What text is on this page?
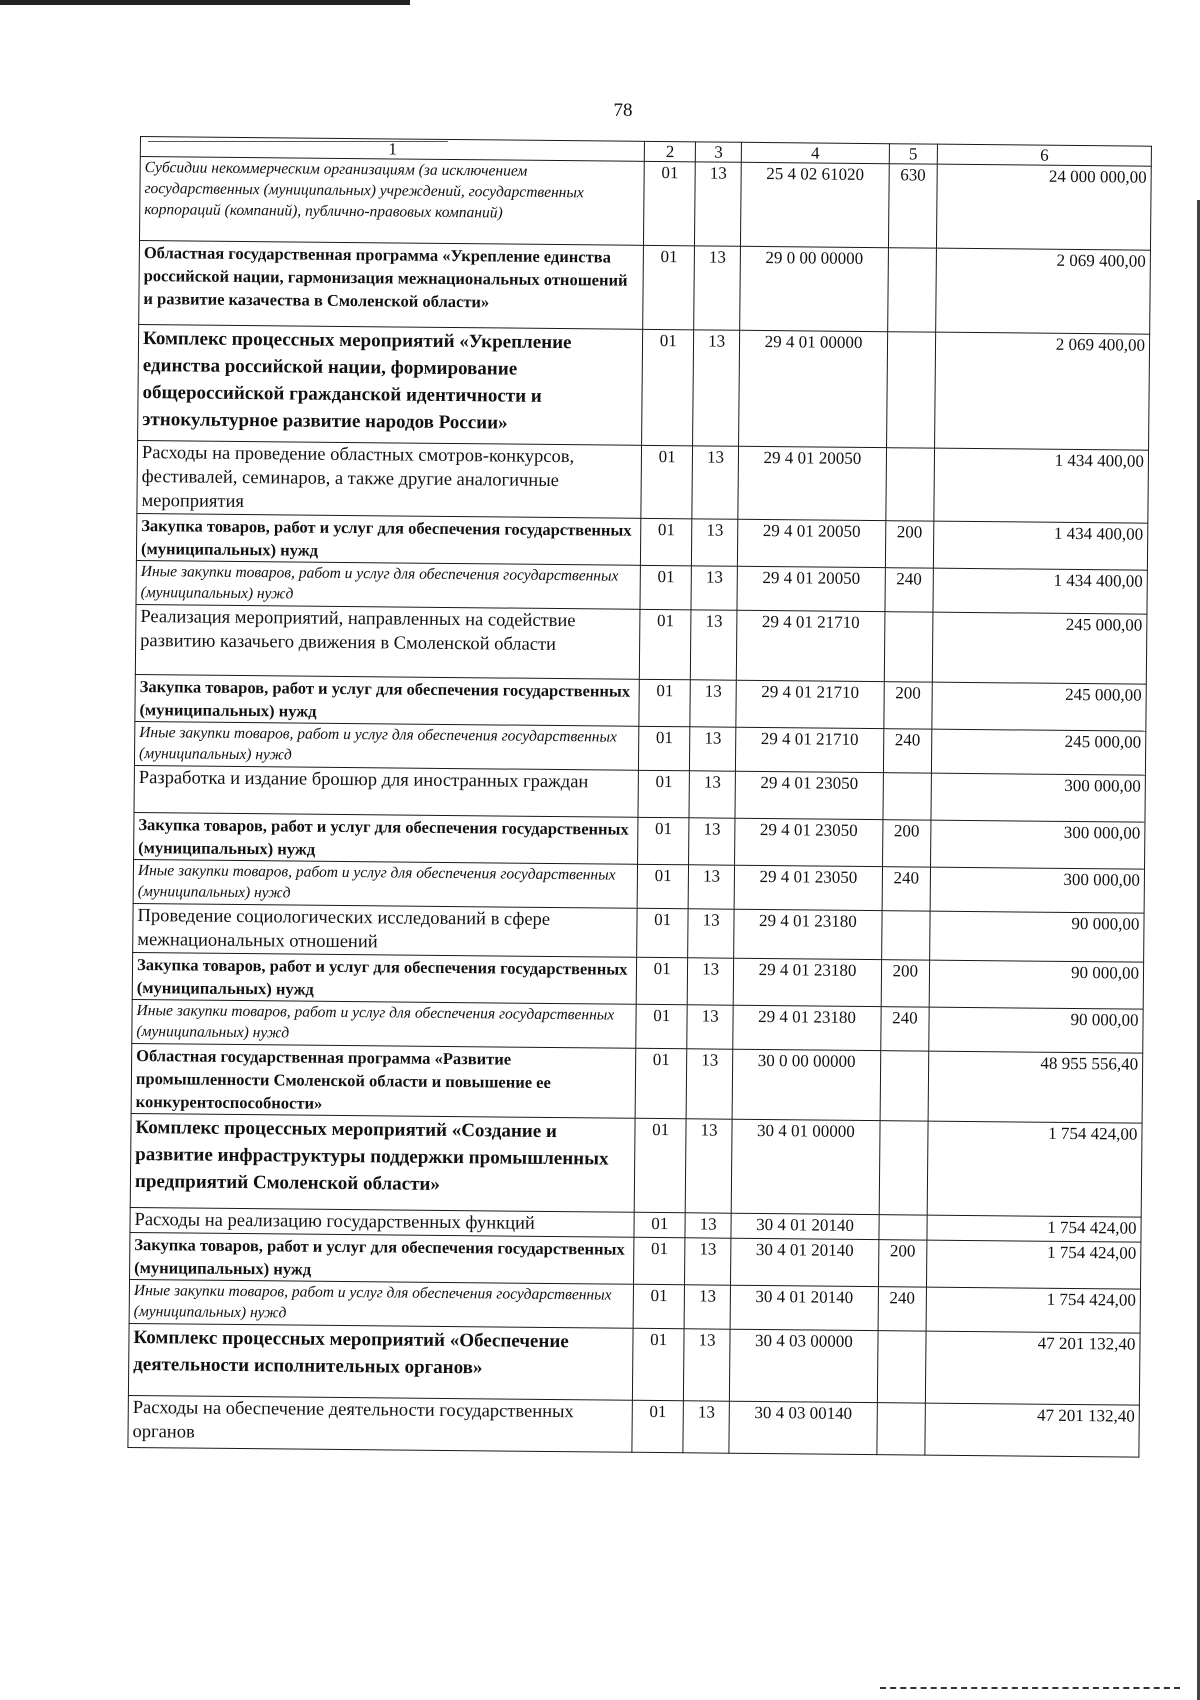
78
1	2	3	4	5	6
Субсидии некоммерческим организациям (за исключением государственных (муниципальных) учреждений, государственных корпораций (компаний), публично-правовых компаний)	01	13	25 4 02 61020	630	24 000 000,00
Областная государственная программа «Укрепление единства российской нации, гармонизация межнациональных отношений и развитие казачества в Смоленской области»	01	13	29 0 00 00000		2 069 400,00
Комплекс процессных мероприятий «Укрепление единства российской нации, формирование общероссийской гражданской идентичности и этнокультурное развитие народов России»	01	13	29 4 01 00000		2 069 400,00
Расходы на проведение областных смотров-конкурсов, фестивалей, семинаров, а также другие аналогичные мероприятия	01	13	29 4 01 20050		1 434 400,00
Закупка товаров, работ и услуг для обеспечения государственных (муниципальных) нужд	01	13	29 4 01 20050	200	1 434 400,00
Иные закупки товаров, работ и услуг для обеспечения государственных (муниципальных) нужд	01	13	29 4 01 20050	240	1 434 400,00
Реализация мероприятий, направленных на содействие развитию казачьего движения в Смоленской области	01	13	29 4 01 21710		245 000,00
Закупка товаров, работ и услуг для обеспечения государственных (муниципальных) нужд	01	13	29 4 01 21710	200	245 000,00
Иные закупки товаров, работ и услуг для обеспечения государственных (муниципальных) нужд	01	13	29 4 01 21710	240	245 000,00
Разработка и издание брошюр для иностранных граждан	01	13	29 4 01 23050		300 000,00
Закупка товаров, работ и услуг для обеспечения государственных (муниципальных) нужд	01	13	29 4 01 23050	200	300 000,00
Иные закупки товаров, работ и услуг для обеспечения государственных (муниципальных) нужд	01	13	29 4 01 23050	240	300 000,00
Проведение социологических исследований в сфере межнациональных отношений	01	13	29 4 01 23180		90 000,00
Закупка товаров, работ и услуг для обеспечения государственных (муниципальных) нужд	01	13	29 4 01 23180	200	90 000,00
Иные закупки товаров, работ и услуг для обеспечения государственных (муниципальных) нужд	01	13	29 4 01 23180	240	90 000,00
Областная государственная программа «Развитие промышленности Смоленской области и повышение ее конкурентоспособности»	01	13	30 0 00 00000		48 955 556,40
Комплекс процессных мероприятий «Создание и развитие инфраструктуры поддержки промышленных предприятий Смоленской области»	01	13	30 4 01 00000		1 754 424,00
Расходы на реализацию государственных функций	01	13	30 4 01 20140		1 754 424,00
Закупка товаров, работ и услуг для обеспечения государственных (муниципальных) нужд	01	13	30 4 01 20140	200	1 754 424,00
Иные закупки товаров, работ и услуг для обеспечения государственных (муниципальных) нужд	01	13	30 4 01 20140	240	1 754 424,00
Комплекс процессных мероприятий «Обеспечение деятельности исполнительных органов»	01	13	30 4 03 00000		47 201 132,40
Расходы на обеспечение деятельности государственных органов	01	13	30 4 03 00140		47 201 132,40
